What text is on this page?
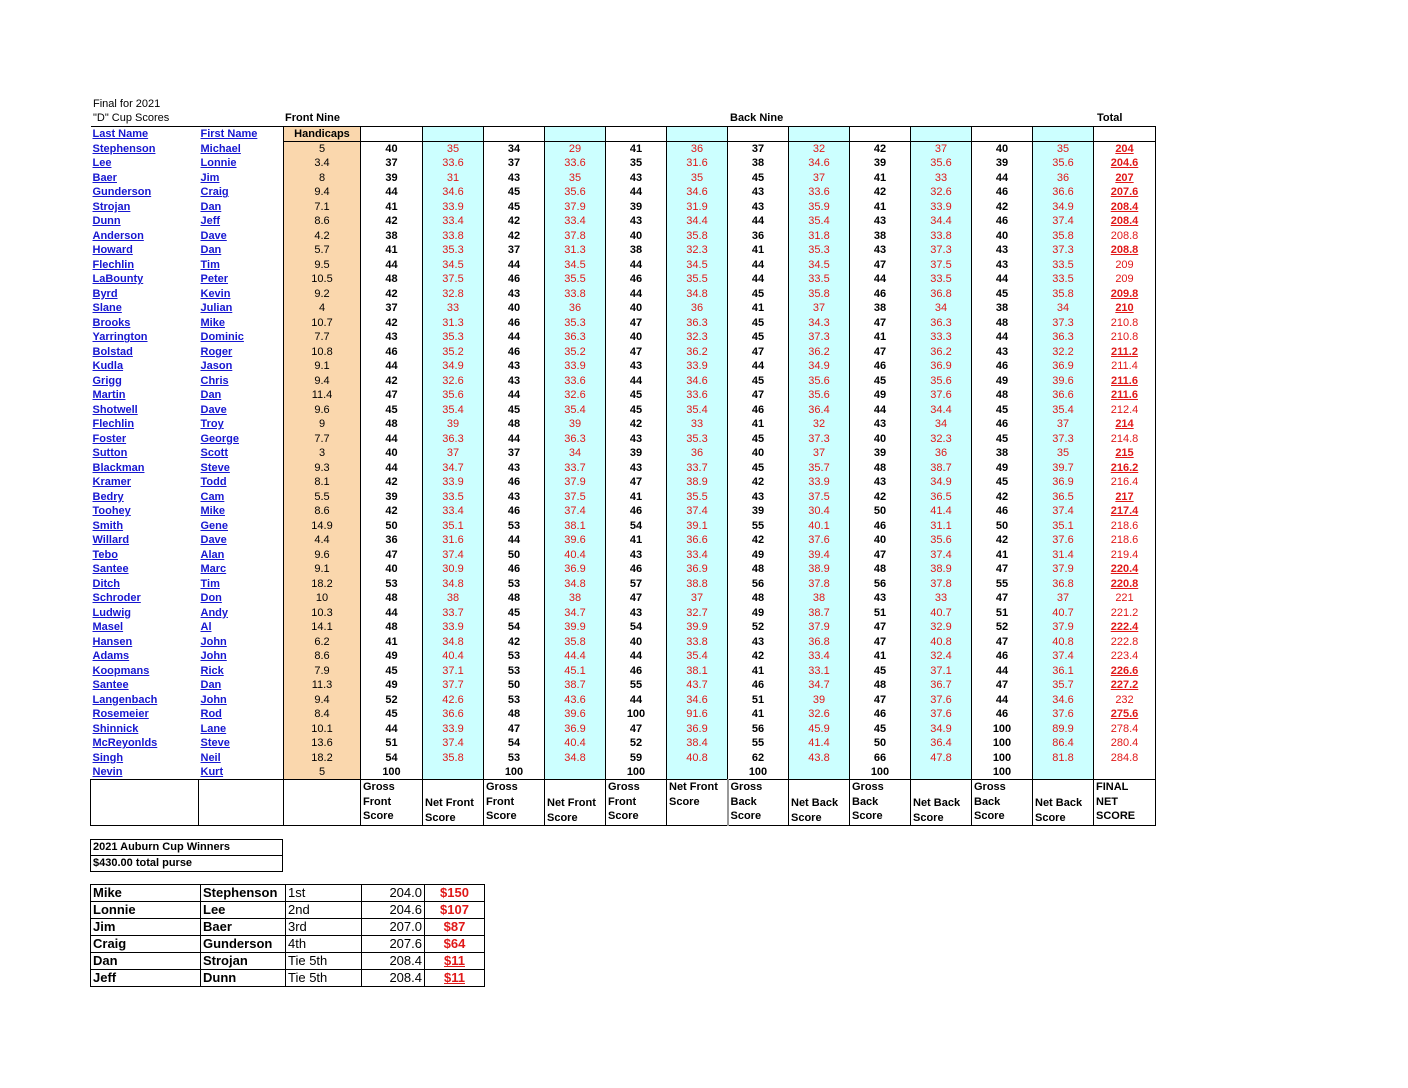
Final for 2021
"D" Cup Scores	Front Nine	Back Nine	Total
Last Name	First Name	Handicaps													
Stephenson	Michael	5	40	35	34	29	41	36	37	32	42	37	40	35	204
Lee	Lonnie	3.4	37	33.6	37	33.6	35	31.6	38	34.6	39	35.6	39	35.6	204.6
Baer	Jim	8	39	31	43	35	43	35	45	37	41	33	44	36	207
Gunderson	Craig	9.4	44	34.6	45	35.6	44	34.6	43	33.6	42	32.6	46	36.6	207.6
Strojan	Dan	7.1	41	33.9	45	37.9	39	31.9	43	35.9	41	33.9	42	34.9	208.4
Dunn	Jeff	8.6	42	33.4	42	33.4	43	34.4	44	35.4	43	34.4	46	37.4	208.4
Anderson	Dave	4.2	38	33.8	42	37.8	40	35.8	36	31.8	38	33.8	40	35.8	208.8
Howard	Dan	5.7	41	35.3	37	31.3	38	32.3	41	35.3	43	37.3	43	37.3	208.8
Flechlin	Tim	9.5	44	34.5	44	34.5	44	34.5	44	34.5	47	37.5	43	33.5	209
LaBounty	Peter	10.5	48	37.5	46	35.5	46	35.5	44	33.5	44	33.5	44	33.5	209
Byrd	Kevin	9.2	42	32.8	43	33.8	44	34.8	45	35.8	46	36.8	45	35.8	209.8
Slane	Julian	4	37	33	40	36	40	36	41	37	38	34	38	34	210
Brooks	Mike	10.7	42	31.3	46	35.3	47	36.3	45	34.3	47	36.3	48	37.3	210.8
Yarrington	Dominic	7.7	43	35.3	44	36.3	40	32.3	45	37.3	41	33.3	44	36.3	210.8
Bolstad	Roger	10.8	46	35.2	46	35.2	47	36.2	47	36.2	47	36.2	43	32.2	211.2
Kudla	Jason	9.1	44	34.9	43	33.9	43	33.9	44	34.9	46	36.9	46	36.9	211.4
Grigg	Chris	9.4	42	32.6	43	33.6	44	34.6	45	35.6	45	35.6	49	39.6	211.6
Martin	Dan	11.4	47	35.6	44	32.6	45	33.6	47	35.6	49	37.6	48	36.6	211.6
Shotwell	Dave	9.6	45	35.4	45	35.4	45	35.4	46	36.4	44	34.4	45	35.4	212.4
Flechlin	Troy	9	48	39	48	39	42	33	41	32	43	34	46	37	214
Foster	George	7.7	44	36.3	44	36.3	43	35.3	45	37.3	40	32.3	45	37.3	214.8
Sutton	Scott	3	40	37	37	34	39	36	40	37	39	36	38	35	215
Blackman	Steve	9.3	44	34.7	43	33.7	43	33.7	45	35.7	48	38.7	49	39.7	216.2
Kramer	Todd	8.1	42	33.9	46	37.9	47	38.9	42	33.9	43	34.9	45	36.9	216.4
Bedry	Cam	5.5	39	33.5	43	37.5	41	35.5	43	37.5	42	36.5	42	36.5	217
Toohey	Mike	8.6	42	33.4	46	37.4	46	37.4	39	30.4	50	41.4	46	37.4	217.4
Smith	Gene	14.9	50	35.1	53	38.1	54	39.1	55	40.1	46	31.1	50	35.1	218.6
Willard	Dave	4.4	36	31.6	44	39.6	41	36.6	42	37.6	40	35.6	42	37.6	218.6
Tebo	Alan	9.6	47	37.4	50	40.4	43	33.4	49	39.4	47	37.4	41	31.4	219.4
Santee	Marc	9.1	40	30.9	46	36.9	46	36.9	48	38.9	48	38.9	47	37.9	220.4
Ditch	Tim	18.2	53	34.8	53	34.8	57	38.8	56	37.8	56	37.8	55	36.8	220.8
Schroder	Don	10	48	38	48	38	47	37	48	38	43	33	47	37	221
Ludwig	Andy	10.3	44	33.7	45	34.7	43	32.7	49	38.7	51	40.7	51	40.7	221.2
Masel	Al	14.1	48	33.9	54	39.9	54	39.9	52	37.9	47	32.9	52	37.9	222.4
Hansen	John	6.2	41	34.8	42	35.8	40	33.8	43	36.8	47	40.8	47	40.8	222.8
Adams	John	8.6	49	40.4	53	44.4	44	35.4	42	33.4	41	32.4	46	37.4	223.4
Koopmans	Rick	7.9	45	37.1	53	45.1	46	38.1	41	33.1	45	37.1	44	36.1	226.6
Santee	Dan	11.3	49	37.7	50	38.7	55	43.7	46	34.7	48	36.7	47	35.7	227.2
Langenbach	John	9.4	52	42.6	53	43.6	44	34.6	51	39	47	37.6	44	34.6	232
Rosemeier	Rod	8.4	45	36.6	48	39.6	100	91.6	41	32.6	46	37.6	46	37.6	275.6
Shinnick	Lane	10.1	44	33.9	47	36.9	47	36.9	56	45.9	45	34.9	100	89.9	278.4
McReyonlds	Steve	13.6	51	37.4	54	40.4	52	38.4	55	41.4	50	36.4	100	86.4	280.4
Singh	Neil	18.2	54	35.8	53	34.8	59	40.8	62	43.8	66	47.8	100	81.8	284.8
Nevin	Kurt	5	100		100		100		100		100		100		
			Gross Front Score	Net Front Score	Gross Front Score	Net Front Score	Gross Front Score	Net Front Score	Gross Back Score	Net Back Score	Gross Back Score	Net Back Score	Gross Back Score	Net Back Score	FINAL NET SCORE
2021 Auburn Cup Winners
$430.00 total purse
Mike	Stephenson	1st	204.0	$150
Lonnie	Lee	2nd	204.6	$107
Jim	Baer	3rd	207.0	$87
Craig	Gunderson	4th	207.6	$64
Dan	Strojan	Tie 5th	208.4	$11
Jeff	Dunn	Tie 5th	208.4	$11
